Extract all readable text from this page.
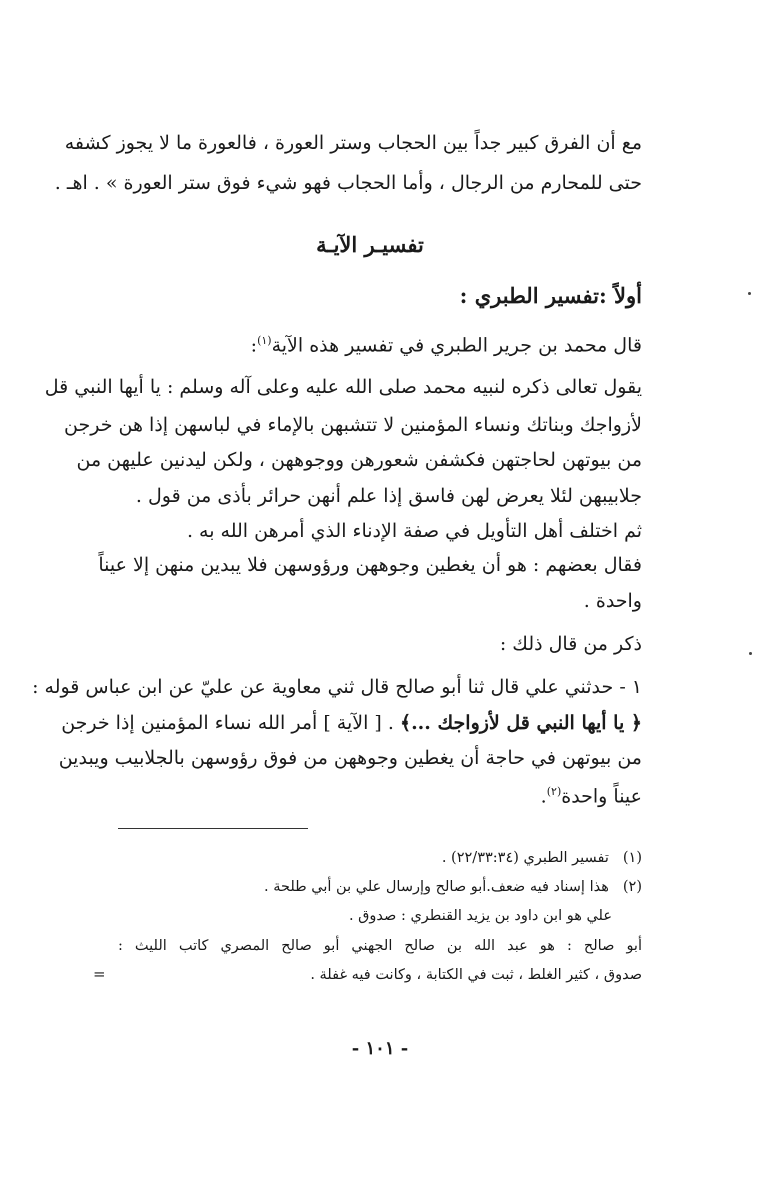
مع أن الفرق كبير جداً بين الحجاب وستر العورة ، فالعورة ما لا يجوز كشفه
حتى للمحارم من الرجال ، وأما الحجاب فهو شيء فوق ستر العورة » . اهـ .
تفسيـر الآيـة
أولاً :تفسير الطبري :
قال محمد بن جرير الطبري في تفسير هذه الآية$^{(١)}$:
يقول تعالى ذكره لنبيه محمد صلى الله عليه وعلى آله وسلم : يا أيها النبي قل
لأزواجك وبناتك ونساء المؤمنين لا تتشبهن بالإماء في لباسهن إذا هن خرجن
من بيوتهن لحاجتهن فكشفن شعورهن ووجوههن ، ولكن ليدنين عليهن من
جلابيبهن لئلا يعرض لهن فاسق إذا علم أنهن حرائر بأذى من قول .
ثم اختلف أهل التأويل في صفة الإدناء الذي أمرهن الله به .
فقال بعضهم : هو أن يغطين وجوههن ورؤوسهن فلا يبدين منهن إلا عيناً
واحدة .
ذكر من قال ذلك :
١ - حدثني علي قال ثنا أبو صالح قال ثني معاوية عن عليّ عن ابن عباس قوله :
﴿ يا أيها النبي قل لأزواجك ...﴾ . [ الآية ] أمر الله نساء المؤمنين إذا خرجن
من بيوتهن في حاجة أن يغطين وجوههن من فوق رؤوسهن بالجلابيب ويبدين
عيناً واحدة$^{(٢)}$.
(١)تفسير الطبري (٢٢/٣٣:٣٤) .
(٢)هذا إسناد فيه ضعف.أبو صالح وإرسال علي بن أبي طلحة .
علي هو ابن داود بن يزيد القنطري : صدوق .
أبو صالح : هو عبد الله بن صالح الجهني أبو صالح المصري كاتب الليث :
صدوق ، كثير الغلط ، ثبت في الكتابة ، وكانت فيه غفلة .
=
- ١٠١ -
